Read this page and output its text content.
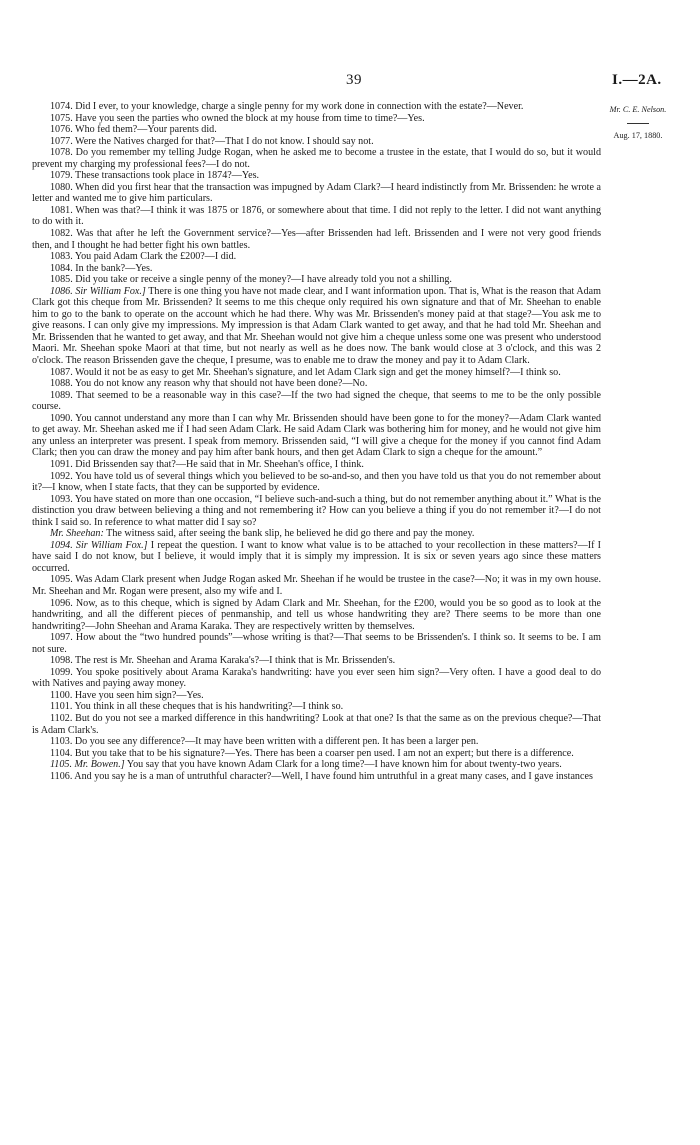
39	I.—2A.
Mr. C. E. Nelson.
Aug. 17, 1880.

1074. Did I ever, to your knowledge, charge a single penny for my work done in connection with the estate?—Never.

1075. Have you seen the parties who owned the block at my house from time to time?—Yes.

1076. Who fed them?—Your parents did.

1077. Were the Natives charged for that?—That I do not know. I should say not.

1078. Do you remember my telling Judge Rogan, when he asked me to become a trustee in the estate, that I would do so, but it would prevent my charging my professional fees?—I do not.

1079. These transactions took place in 1874?—Yes.

1080. When did you first hear that the transaction was impugned by Adam Clark?—I heard indistinctly from Mr. Brissenden: he wrote a letter and wanted me to give him particulars.

1081. When was that?—I think it was 1875 or 1876, or somewhere about that time. I did not reply to the letter. I did not want anything to do with it.

1082. Was that after he left the Government service?—Yes—after Brissenden had left. Brissenden and I were not very good friends then, and I thought he had better fight his own battles.

1083. You paid Adam Clark the £200?—I did.

1084. In the bank?—Yes.

1085. Did you take or receive a single penny of the money?—I have already told you not a shilling.

1086. Sir William Fox.] There is one thing you have not made clear, and I want information upon. That is, What is the reason that Adam Clark got this cheque from Mr. Brissenden? It seems to me this cheque only required his own signature and that of Mr. Sheehan to enable him to go to the bank to operate on the account which he had there. Why was Mr. Brissenden's money paid at that stage?—You ask me to give reasons. I can only give my impressions. My impression is that Adam Clark wanted to get away, and that he had told Mr. Sheehan and Mr. Brissenden that he wanted to get away, and that Mr. Sheehan would not give him a cheque unless some one was present who understood Maori. Mr. Sheehan spoke Maori at that time, but not nearly as well as he does now. The bank would close at 3 o'clock, and this was 2 o'clock. The reason Brissenden gave the cheque, I presume, was to enable me to draw the money and pay it to Adam Clark.

1087. Would it not be as easy to get Mr. Sheehan's signature, and let Adam Clark sign and get the money himself?—I think so.

1088. You do not know any reason why that should not have been done?—No.

1089. That seemed to be a reasonable way in this case?—If the two had signed the cheque, that seems to me to be the only possible course.

1090. You cannot understand any more than I can why Mr. Brissenden should have been gone to for the money?—Adam Clark wanted to get away. Mr. Sheehan asked me if I had seen Adam Clark. He said Adam Clark was bothering him for money, and he would not give him any unless an interpreter was present. I speak from memory. Brissenden said, “I will give a cheque for the money if you cannot find Adam Clark; then you can draw the money and pay him after bank hours, and then get Adam Clark to sign a cheque for the amount.”

1091. Did Brissenden say that?—He said that in Mr. Sheehan's office, I think.

1092. You have told us of several things which you believed to be so-and-so, and then you have told us that you do not remember about it?—I know, when I state facts, that they can be supported by evidence.

1093. You have stated on more than one occasion, “I believe such-and-such a thing, but do not remember anything about it.” What is the distinction you draw between believing a thing and not remembering it? How can you believe a thing if you do not remember it?—I do not think I said so. In reference to what matter did I say so?

Mr. Sheehan: The witness said, after seeing the bank slip, he believed he did go there and pay the money.

1094. Sir William Fox.] I repeat the question. I want to know what value is to be attached to your recollection in these matters?—If I have said I do not know, but I believe, it would imply that it is simply my impression. It is six or seven years ago since these matters occurred.

1095. Was Adam Clark present when Judge Rogan asked Mr. Sheehan if he would be trustee in the case?—No; it was in my own house. Mr. Sheehan and Mr. Rogan were present, also my wife and I.

1096. Now, as to this cheque, which is signed by Adam Clark and Mr. Sheehan, for the £200, would you be so good as to look at the handwriting, and all the different pieces of penmanship, and tell us whose handwriting they are? There seems to be more than one handwriting?—John Sheehan and Arama Karaka. They are respectively written by themselves.

1097. How about the “two hundred pounds”—whose writing is that?—That seems to be Brissenden's. I think so. It seems to be. I am not sure.

1098. The rest is Mr. Sheehan and Arama Karaka's?—I think that is Mr. Brissenden's.

1099. You spoke positively about Arama Karaka's handwriting: have you ever seen him sign?—Very often. I have a good deal to do with Natives and paying away money.

1100. Have you seen him sign?—Yes.

1101. You think in all these cheques that is his handwriting?—I think so.

1102. But do you not see a marked difference in this handwriting? Look at that one? Is that the same as on the previous cheque?—That is Adam Clark's.

1103. Do you see any difference?—It may have been written with a different pen. It has been a larger pen.

1104. But you take that to be his signature?—Yes. There has been a coarser pen used. I am not an expert; but there is a difference.

1105. Mr. Bowen.] You say that you have known Adam Clark for a long time?—I have known him for about twenty-two years.

1106. And you say he is a man of untruthful character?—Well, I have found him untruthful in a great many cases, and I gave instances
